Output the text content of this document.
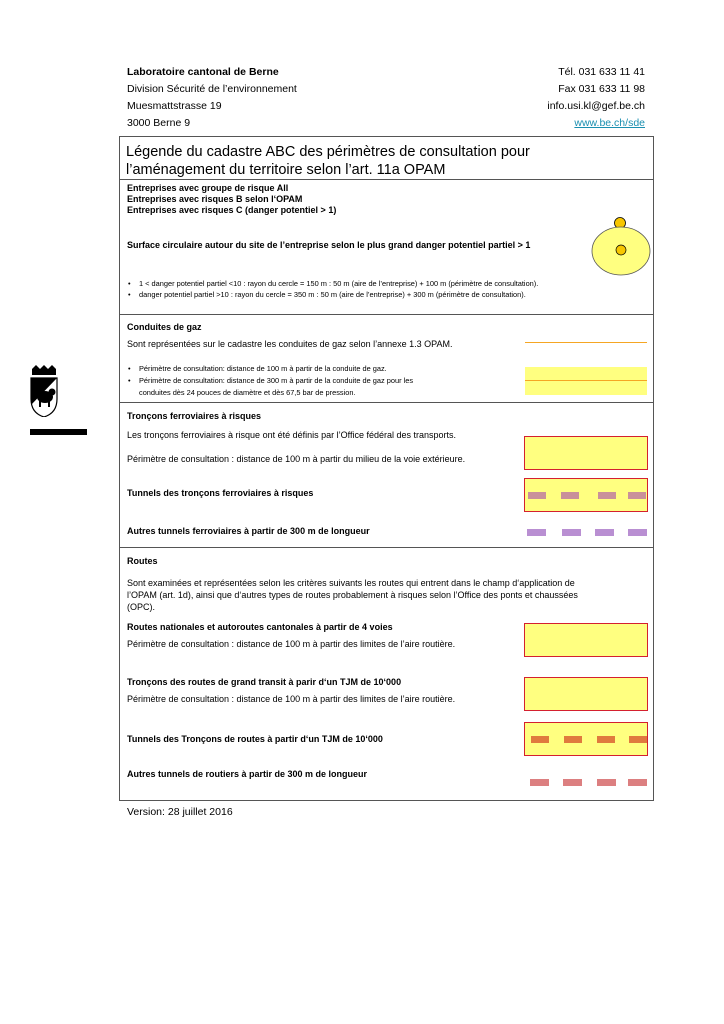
Laboratoire cantonal de Berne
Division Sécurité de l’environnement
Muesmattstrasse 19
3000 Berne 9
Tél. 031 633 11 41
Fax 031 633 11 98
info.usi.kl@gef.be.ch
www.be.ch/sde
Légende du cadastre ABC des périmètres de consultation pour l’aménagement du territoire selon l’art. 11a OPAM
Entreprises avec groupe de risque All
Entreprises avec risques B selon l‘OPAM
Entreprises avec risques C (danger potentiel > 1)
Surface circulaire autour du site de l’entreprise selon le plus grand danger potentiel partiel > 1
• 1 < danger potentiel partiel <10 : rayon du cercle = 150 m : 50 m (aire de l’entreprise) + 100 m (périmètre de consultation).
• danger potentiel partiel >10 : rayon du cercle = 350 m : 50 m (aire de l’entreprise) + 300 m (périmètre de consultation).
Conduites de gaz
Sont représentées sur le cadastre les conduites de gaz selon l’annexe 1.3 OPAM.
• Périmètre de consultation: distance de 100 m à partir de la conduite de gaz.
• Périmètre de consultation: distance de 300 m à partir de la conduite de gaz pour les
conduites dès 24 pouces de diamètre et dès 67,5 bar de pression.
Tronçons ferroviaires à risques
Les tronçons ferroviaires à risque ont été définis par l’Office fédéral des transports.
Périmètre de consultation : distance de 100 m à partir du milieu de la voie extérieure.
Tunnels des tronçons ferroviaires à risques
Autres tunnels ferroviaires à partir de 300 m de longueur
Routes
Sont examinées et représentées selon les critères suivants les routes qui entrent dans le champ d‘application de
l’OPAM (art. 1d), ainsi que d‘autres types de routes probablement à risques selon l’Office des ponts et chaussées
(OPC).
Routes nationales et autoroutes cantonales à partir de 4 voies
Périmètre de consultation : distance de 100 m à partir des limites de l’aire routière.
Tronçons des routes de grand transit à parir d‘un TJM de 10‘000
Périmètre de consultation : distance de 100 m à partir des limites de l’aire routière.
Tunnels des Tronçons de routes à partir d‘un TJM de 10‘000
Autres tunnels de routiers à partir de 300 m de longueur
Version: 28 juillet 2016
